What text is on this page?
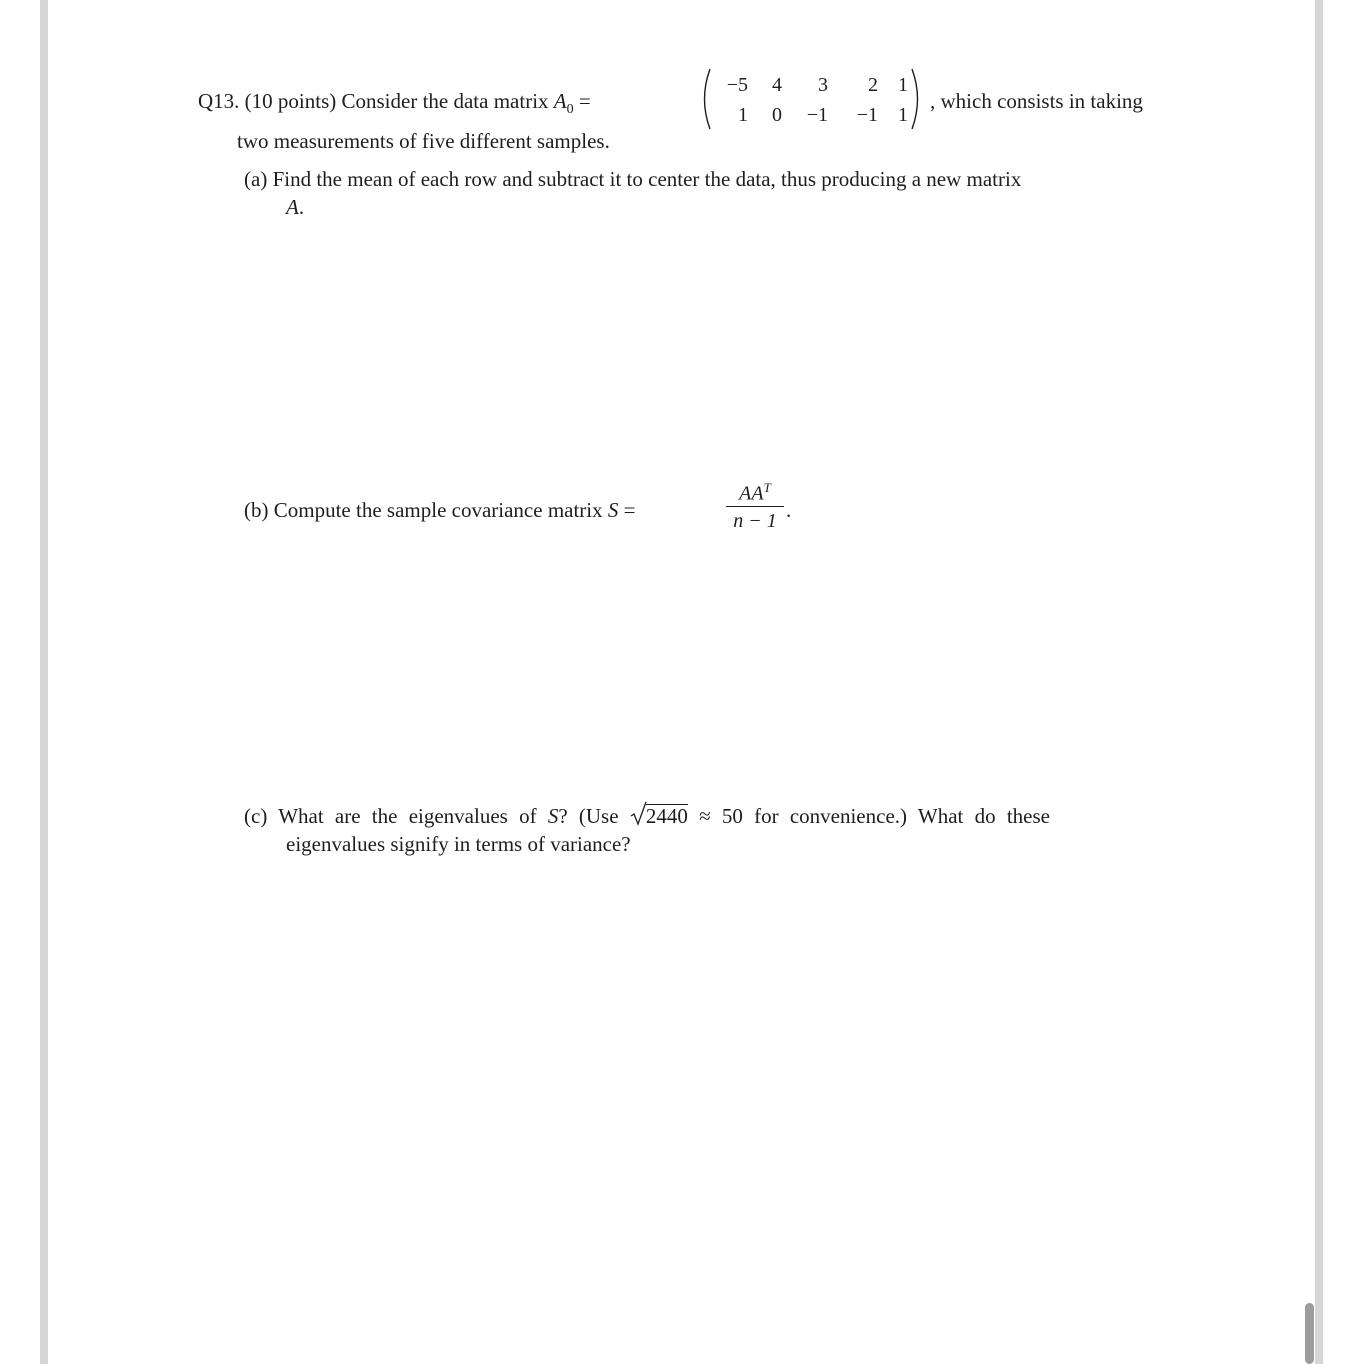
Q13. (10 points) Consider the data matrix $A_0$ =
−5	4	3	2	1
1	0	−1	−1	1
, which consists in taking
two measurements of five different samples.
(a) Find the mean of each row and subtract it to center the data, thus producing a new matrix
A.
(b) Compute the sample covariance matrix S =
$AA^T$
n − 1 .
(c) What are the eigenvalues of S? (Use 2440 ≈ 50 for convenience.) What do these
eigenvalues signify in terms of variance?
